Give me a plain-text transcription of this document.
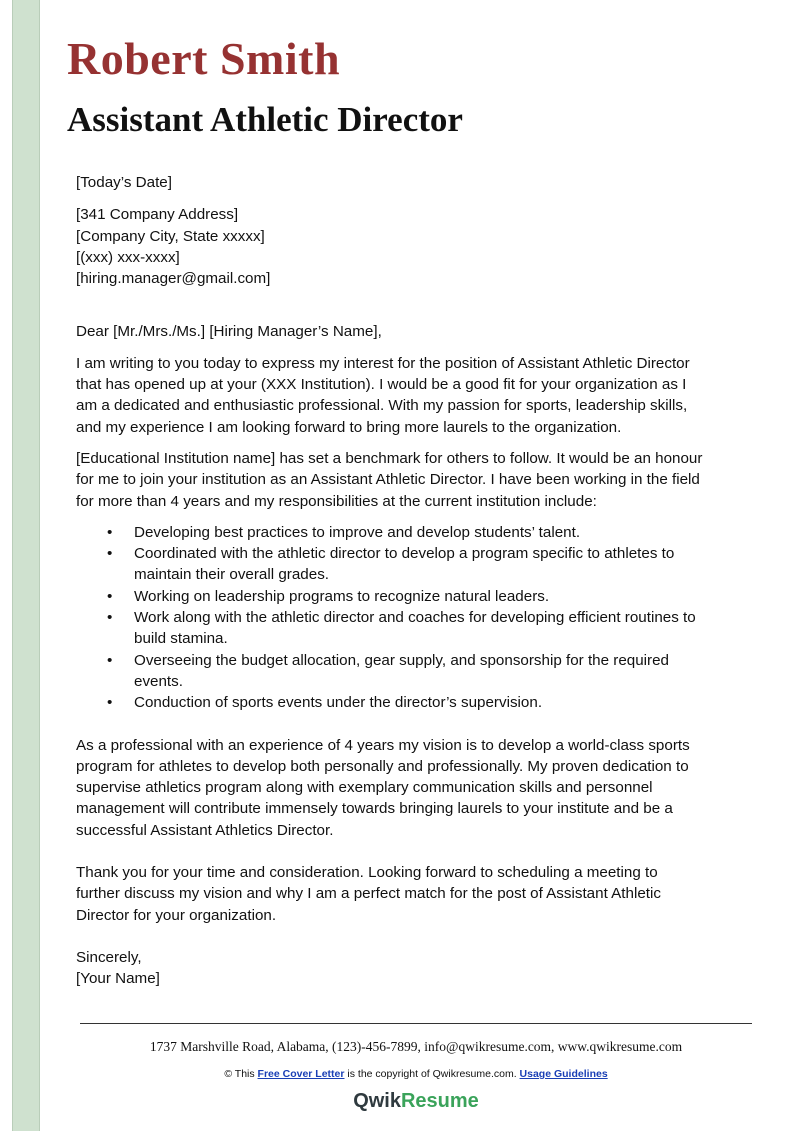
Robert Smith
Assistant Athletic Director
[Today’s Date]
[341 Company Address]
[Company City, State xxxxx]
[(xxx) xxx-xxxx]
[hiring.manager@gmail.com]

Dear [Mr./Mrs./Ms.] [Hiring Manager’s Name],

I am writing to you today to express my interest for the position of Assistant Athletic Director
that has opened up at your (XXX Institution). I would be a good fit for your organization as I
am a dedicated and enthusiastic professional. With my passion for sports, leadership skills,
and my experience I am looking forward to bring more laurels to the organization.

[Educational Institution name] has set a benchmark for others to follow. It would be an honour
for me to join your institution as an Assistant Athletic Director. I have been working in the field
for more than 4 years and my responsibilities at the current institution include:

• Developing best practices to improve and develop students’ talent.
• Coordinated with the athletic director to develop a program specific to athletes to
maintain their overall grades.
• Working on leadership programs to recognize natural leaders.
• Work along with the athletic director and coaches for developing efficient routines to
build stamina.
• Overseeing the budget allocation, gear supply, and sponsorship for the required
events.
• Conduction of sports events under the director’s supervision.

As a professional with an experience of 4 years my vision is to develop a world-class sports
program for athletes to develop both personally and professionally. My proven dedication to
supervise athletics program along with exemplary communication skills and personnel
management will contribute immensely towards bringing laurels to your institute and be a
successful Assistant Athletics Director.

Thank you for your time and consideration. Looking forward to scheduling a meeting to
further discuss my vision and why I am a perfect match for the post of Assistant Athletic
Director for your organization.

Sincerely,
[Your Name]
1737 Marshville Road, Alabama, (123)-456-7899, info@qwikresume.com, www.qwikresume.com
© This Free Cover Letter is the copyright of Qwikresume.com. Usage Guidelines
QwikResume
